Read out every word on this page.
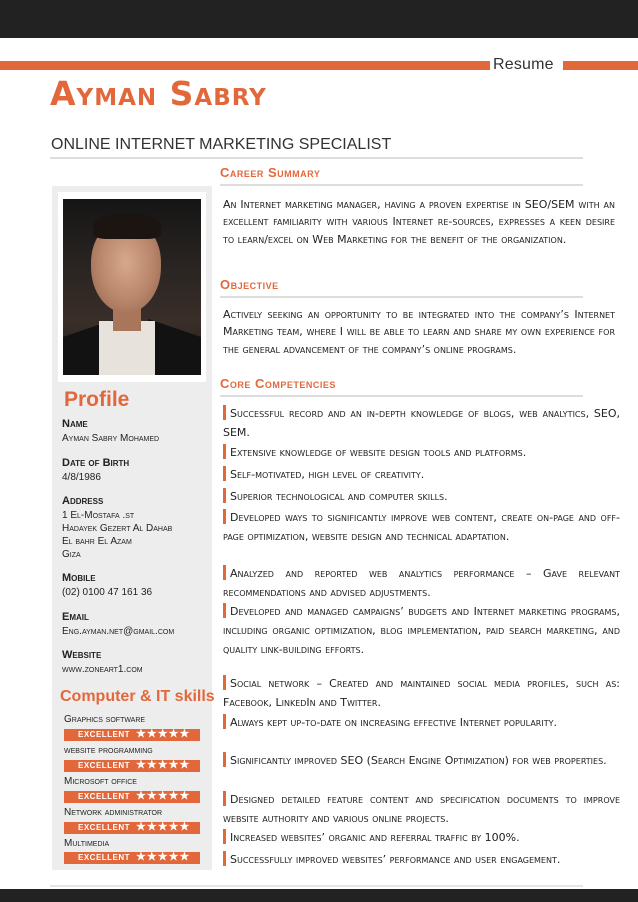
Resume
Ayman Sabry
ONLINE INTERNET MARKETING SPECIALIST
Profile
Name
Ayman Sabry Mohamed
Date of Birth
4/8/1986
Address
1 El-Mostafa .st
Hadayek Gezert Al Dahab
El bahr El Azam
Giza
Mobile
(02) 0100 47 161 36
Email
Eng.ayman.net@gmail.com
Website
www.zoneart1.com
Computer & IT skills
Graphics software
EXCELLENT ★★★★★
website programming
EXCELLENT ★★★★★
Microsoft office
EXCELLENT ★★★★★
Network administrator
EXCELLENT ★★★★★
Multimedia
EXCELLENT ★★★★★
Career Summary
An Internet marketing manager, having a proven expertise in SEO/SEM with an excellent familiarity with various Internet re-sources, expresses a keen desire to learn/excel on Web Marketing for the benefit of the organization.
Objective
Actively seeking an opportunity to be integrated into the company’s Internet Marketing team, where I will be able to learn and share my own experience for the general advancement of the company’s online programs.
Core Competencies
Successful record and an in-depth knowledge of blogs, web analytics, SEO, SEM.
Extensive knowledge of website design tools and platforms.
Self-motivated, high level of creativity.
Superior technological and computer skills.
Developed ways to significantly improve web content, create on-page and off-page optimization, website design and technical adaptation.
Analyzed and reported web analytics performance – Gave relevant recommendations and advised adjustments.
Developed and managed campaigns’ budgets and Internet marketing programs, including organic optimization, blog implementation, paid search marketing, and quality link-building efforts.
Social network – Created and maintained social media profiles, such as: Facebook, LinkedIn and Twitter.
Always kept up-to-date on increasing effective Internet popularity.
Significantly improved SEO (Search Engine Optimization) for web properties.
Designed detailed feature content and specification documents to improve website authority and various online projects.
Increased websites’ organic and referral traffic by 100%.
Successfully improved websites’ performance and user engagement.
